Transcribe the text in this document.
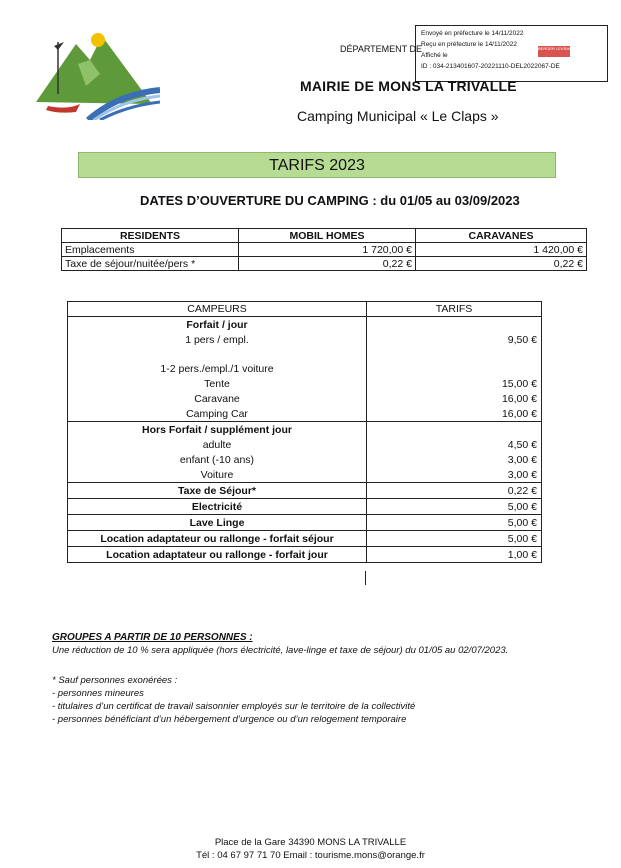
Envoyé en préfecture le 14/11/2022
Reçu en préfecture le 14/11/2022
Affiché le
ID : 034-213401607-20221110-DEL2022067-DE
BERGER LEVRAULT
DÉPARTEMENT DE
MAIRIE DE MONS LA TRIVALLE
Camping Municipal « Le Claps »
TARIFS 2023
DATES D’OUVERTURE DU CAMPING : du 01/05 au 03/09/2023
RESIDENTS	MOBIL HOMES	CARAVANES
Emplacements	1 720,00 €	1 420,00 €
Taxe de séjour/nuitée/pers *	0,22 €	0,22 €
CAMPEURS	TARIFS
Forfait / jour	
1 pers / empl.	9,50 €

1-2 pers./empl./1 voiture	
Tente	15,00 €
Caravane	16,00 €
Camping Car	16,00 €
Hors Forfait / supplément jour	
adulte	4,50 €
enfant (-10 ans)	3,00 €
Voiture	3,00 €
Taxe de Séjour*	0,22 €
Electricité	5,00 €
Lave Linge	5,00 €
Location adaptateur ou rallonge - forfait séjour	5,00 €
Location adaptateur ou rallonge - forfait jour	1,00 €
GROUPES A PARTIR DE 10 PERSONNES :
Une réduction de 10 % sera appliquée (hors électricité, lave-linge et taxe de séjour) du 01/05 au 02/07/2023.
* Sauf personnes exonérées :
- personnes mineures
- titulaires d’un certificat de travail saisonnier employés sur le territoire de la collectivité
- personnes bénéficiant d’un hébergement d’urgence ou d’un relogement temporaire
Place de la Gare 34390 MONS LA TRIVALLE
Tél : 04 67 97 71 70 Email : tourisme.mons@orange.fr
